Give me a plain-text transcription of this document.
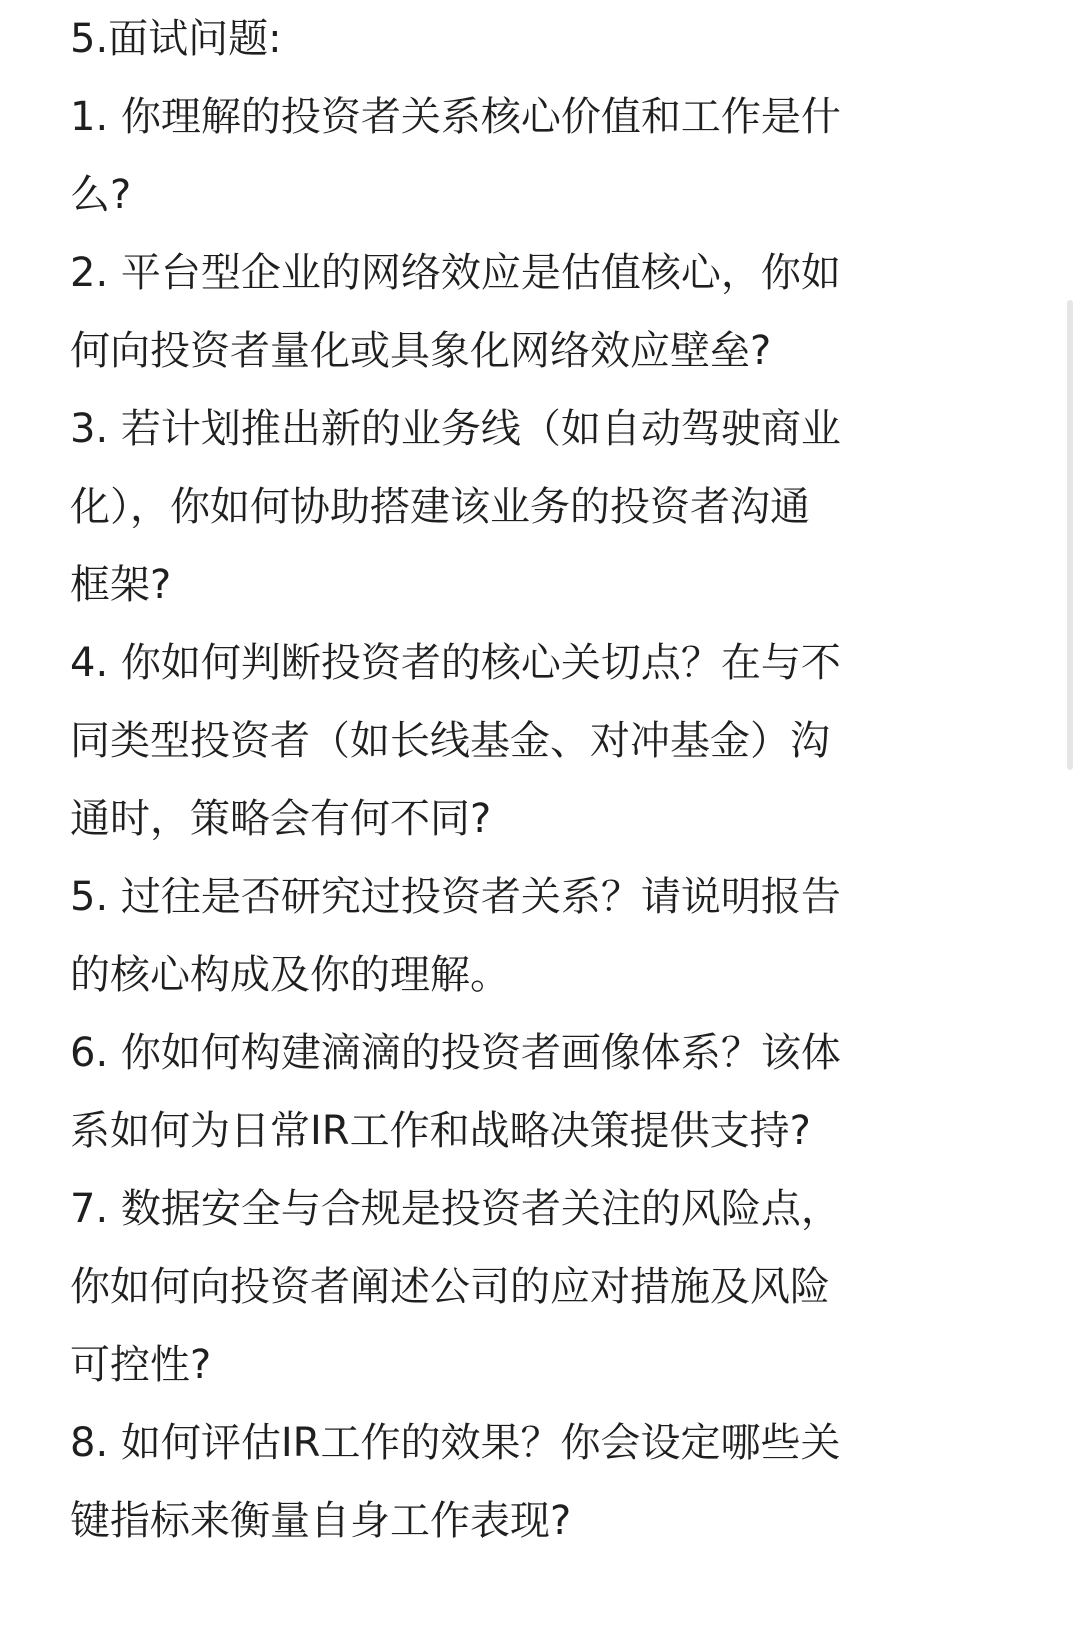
5.面试问题:
1. 你理解的投资者关系核心价值和工作是什
么?
2. 平台型企业的网络效应是估值核心，你如
何向投资者量化或具象化网络效应壁垒?
3. 若计划推出新的业务线（如自动驾驶商业
化），你如何协助搭建该业务的投资者沟通
框架?
4. 你如何判断投资者的核心关切点？在与不
同类型投资者（如长线基金、对冲基金）沟
通时，策略会有何不同?
5. 过往是否研究过投资者关系？请说明报告
的核心构成及你的理解。
6. 你如何构建滴滴的投资者画像体系？该体
系如何为日常IR工作和战略决策提供支持?
7. 数据安全与合规是投资者关注的风险点，
你如何向投资者阐述公司的应对措施及风险
可控性?
8. 如何评估IR工作的效果？你会设定哪些关
键指标来衡量自身工作表现?
